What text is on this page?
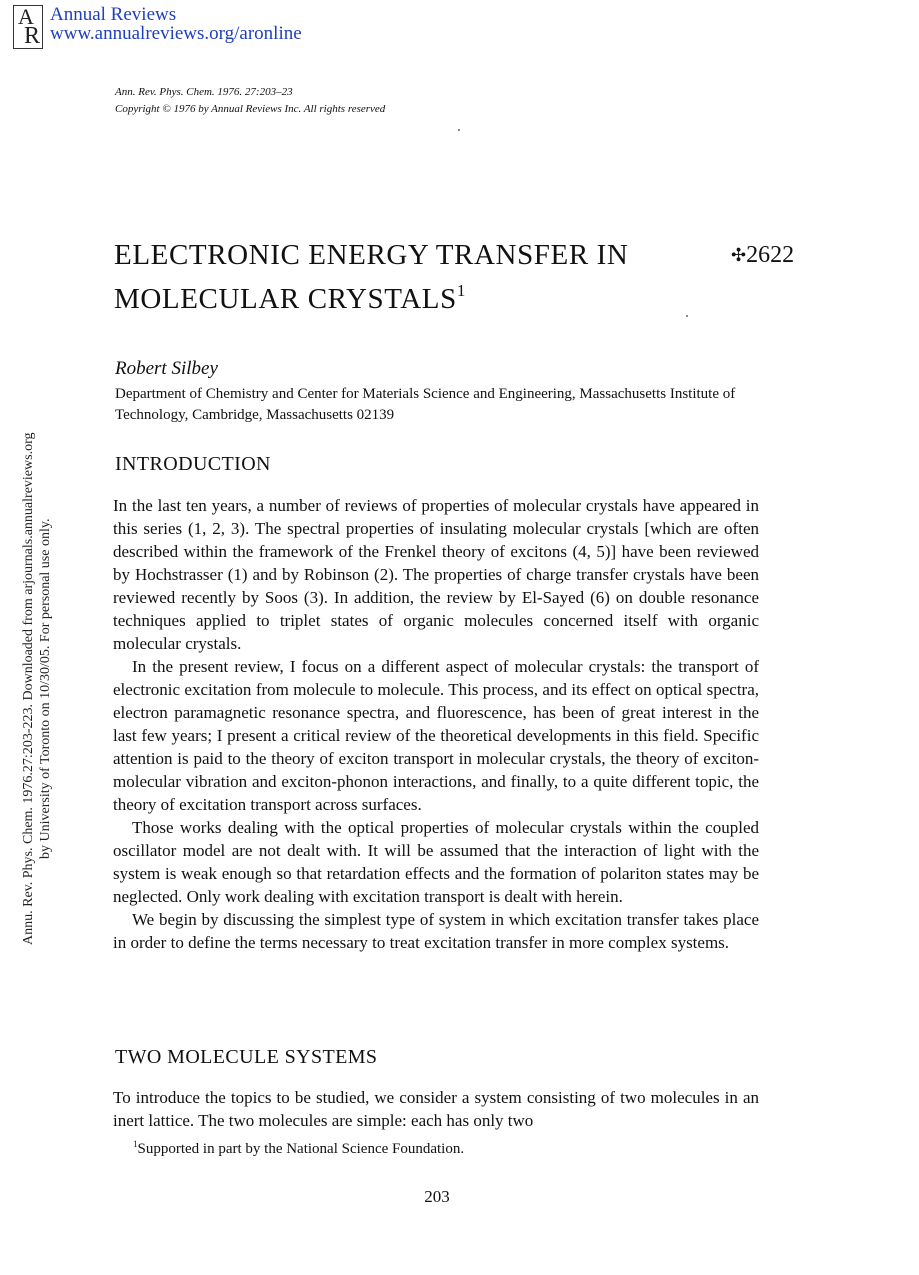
A
R
Annual Reviews
www.annualreviews.org/aronline
Ann. Rev. Phys. Chem. 1976. 27:203–23
Copyright © 1976 by Annual Reviews Inc. All rights reserved
ELECTRONIC ENERGY TRANSFER IN
MOLECULAR CRYSTALS$^1$
✣2622
Robert Silbey
Department of Chemistry and Center for Materials Science and Engineering, Massachusetts Institute of Technology, Cambridge, Massachusetts 02139
INTRODUCTION

In the last ten years, a number of reviews of properties of molecular crystals have appeared in this series (1, 2, 3). The spectral properties of insulating molecular crystals [which are often described within the framework of the Frenkel theory of excitons (4, 5)] have been reviewed by Hochstrasser (1) and by Robinson (2). The properties of charge transfer crystals have been reviewed recently by Soos (3). In addition, the review by El-Sayed (6) on double resonance techniques applied to triplet states of organic molecules concerned itself with organic molecular crystals.

In the present review, I focus on a different aspect of molecular crystals: the transport of electronic excitation from molecule to molecule. This process, and its effect on optical spectra, electron paramagnetic resonance spectra, and fluorescence, has been of great interest in the last few years; I present a critical review of the theoretical developments in this field. Specific attention is paid to the theory of exciton transport in molecular crystals, the theory of exciton-molecular vibration and exciton-phonon interactions, and finally, to a quite different topic, the theory of excitation transport across surfaces.

Those works dealing with the optical properties of molecular crystals within the coupled oscillator model are not dealt with. It will be assumed that the interaction of light with the system is weak enough so that retardation effects and the formation of polariton states may be neglected. Only work dealing with excitation transport is dealt with herein.

We begin by discussing the simplest type of system in which excitation transfer takes place in order to define the terms necessary to treat excitation transfer in more complex systems.

TWO MOLECULE SYSTEMS

To introduce the topics to be studied, we consider a system consisting of two molecules in an inert lattice. The two molecules are simple: each has only two

$^1$Supported in part by the National Science Foundation.
203
Annu. Rev. Phys. Chem. 1976.27:203-223. Downloaded from arjournals.annualreviews.org by University of Toronto on 10/30/05. For personal use only.
